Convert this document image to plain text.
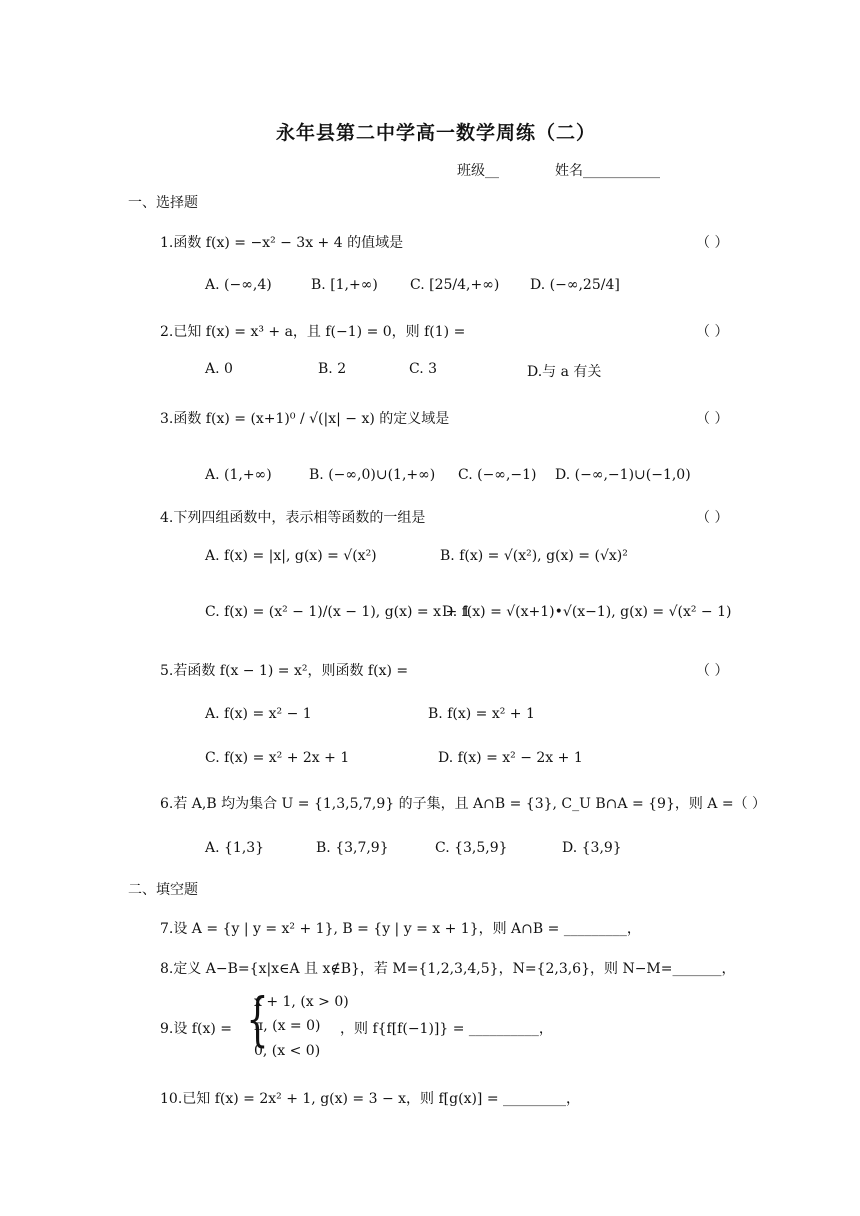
永年县第二中学高一数学周练（二）
班级__	姓名___________
一、选择题
1.函数 f(x) = −x² − 3x + 4 的值域是	（ ）
A. (−∞,4)	B. [1,+∞) C. [25/4,+∞) D. (−∞,25/4]
2.已知 f(x) = x³ + a，且 f(−1) = 0，则 f(1) =	（ ）
A. 0	B. 2	C. 3	D.与 a 有关
3.函数 f(x) = (x+1)⁰ / √(|x| − x) 的定义域是	（ ）
A. (1,+∞)	B. (−∞,0)∪(1,+∞) C. (−∞,−1) D. (−∞,−1)∪(−1,0)
4.下列四组函数中，表示相等函数的一组是	（ ）
A. f(x) = |x|, g(x) = √(x²)	B. f(x) = √(x²), g(x) = (√x)²
C. f(x) = (x² − 1)/(x − 1), g(x) = x + 1
D. f(x) = √(x+1)•√(x−1), g(x) = √(x² − 1)
5.若函数 f(x − 1) = x²，则函数 f(x) =	（ ）
A. f(x) = x² − 1	B. f(x) = x² + 1
C. f(x) = x² + 2x + 1	D. f(x) = x² − 2x + 1
6.若 A,B 均为集合 U = {1,3,5,7,9} 的子集，且 A∩B = {3}, C_U B∩A = {9}，则 A =（ ）
A. {1,3}	B. {3,7,9}	C. {3,5,9}	D. {3,9}
二、填空题
7.设 A = {y | y = x² + 1}, B = {y | y = x + 1}，则 A∩B = _________，
8.定义 A−B={x|x∈A 且 x∉B}，若 M={1,2,3,4,5}，N={2,3,6}，则 N−M=_______，
9.设 f(x) = {
x + 1, (x > 0)
π, (x = 0)
0, (x < 0)
，则 f{f[f(−1)]} = __________，
10.已知 f(x) = 2x² + 1, g(x) = 3 − x，则 f[g(x)] = _________，
